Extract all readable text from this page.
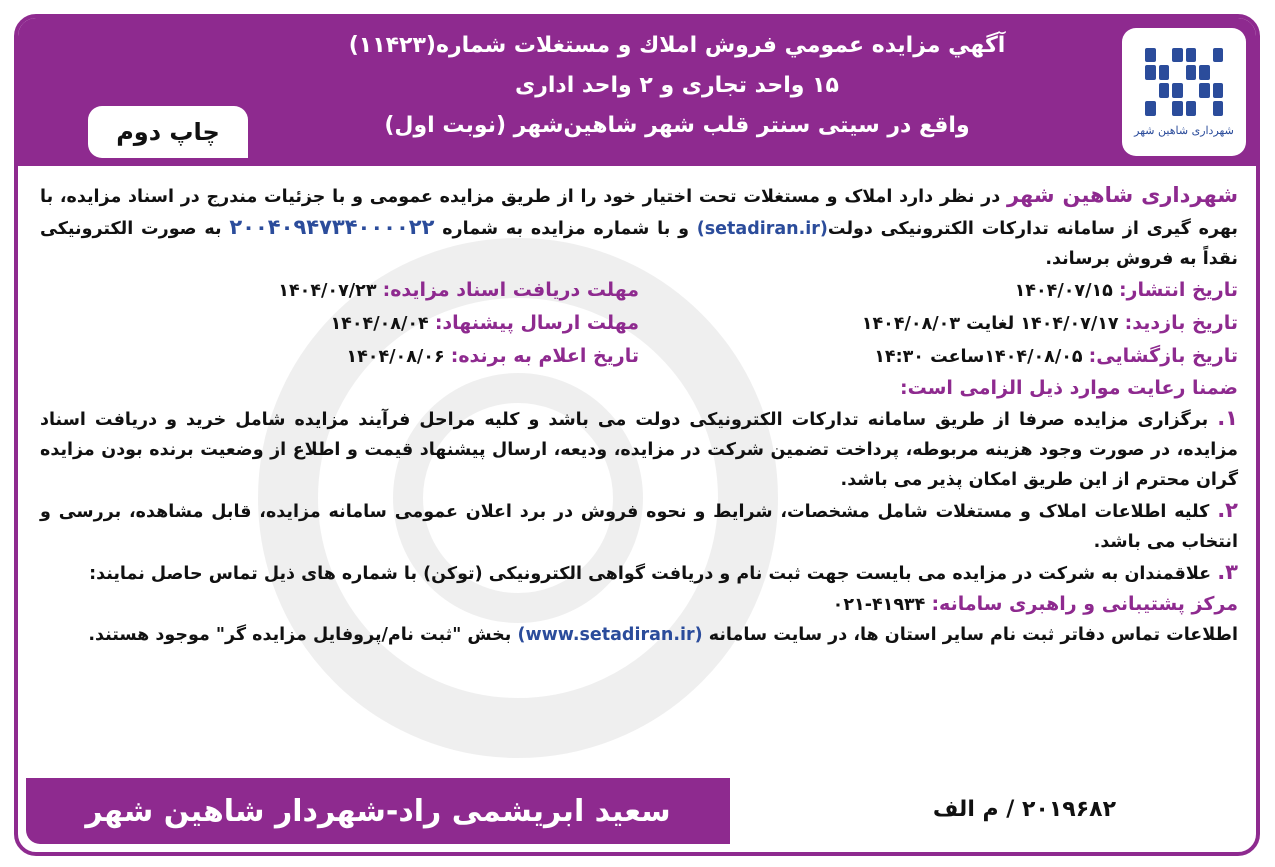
شهرداری شاهین شهر
آگهي مزايده عمومي فروش املاك و مستغلات شماره(۱۱۴۲۳)
۱۵ واحد تجاری و ۲ واحد اداری
واقع در سیتی سنتر قلب شهر شاهین‌شهر (نوبت اول)
چاپ دوم
شهرداری شاهین شهر در نظر دارد املاک و مستغلات تحت اختیار خود را از طریق مزایده عمومی و با جزئیات مندرج در اسناد مزایده، با بهره گیری از سامانه تدارکات الکترونیکی دولت(setadiran.ir) و با شماره مزایده به شماره ۲۰۰۴۰۹۴۷۳۴۰۰۰۰۲۲ به صورت الکترونیکی نقداً به فروش برساند.
تاریخ انتشار: ۱۴۰۴/۰۷/۱۵
مهلت دریافت اسناد مزایده: ۱۴۰۴/۰۷/۲۳
تاریخ بازدید: ۱۴۰۴/۰۷/۱۷ لغایت ۱۴۰۴/۰۸/۰۳
مهلت ارسال پیشنهاد: ۱۴۰۴/۰۸/۰۴
تاریخ بازگشایی: ۱۴۰۴/۰۸/۰۵ساعت ۱۴:۳۰
تاریخ اعلام به برنده: ۱۴۰۴/۰۸/۰۶
ضمنا رعایت موارد ذیل الزامی است:
۱. برگزاری مزایده صرفا از طریق سامانه تدارکات الکترونیکی دولت می باشد و کلیه مراحل فرآیند مزایده شامل خرید و دریافت اسناد مزایده، در صورت وجود هزینه مربوطه، پرداخت تضمین شرکت در مزایده، ودیعه، ارسال پیشنهاد قیمت و اطلاع از وضعیت برنده بودن مزایده گران محترم از این طریق امکان پذیر می باشد.
۲. کلیه اطلاعات املاک و مستغلات شامل مشخصات، شرایط و نحوه فروش در برد اعلان عمومی سامانه مزایده، قابل مشاهده، بررسی و انتخاب می باشد.
۳. علاقمندان به شرکت در مزایده می بایست جهت ثبت نام و دریافت گواهی الکترونیکی (توکن) با شماره های ذیل تماس حاصل نمایند:
مرکز پشتیبانی و راهبری سامانه: ۴۱۹۳۴-۰۲۱
اطلاعات تماس دفاتر ثبت نام سایر استان ها، در سایت سامانه (www.setadiran.ir) بخش "ثبت نام/پروفایل مزایده گر" موجود هستند.
۲۰۱۹۶۸۲ / م الف
سعید ابریشمی راد-شهردار شاهین شهر
